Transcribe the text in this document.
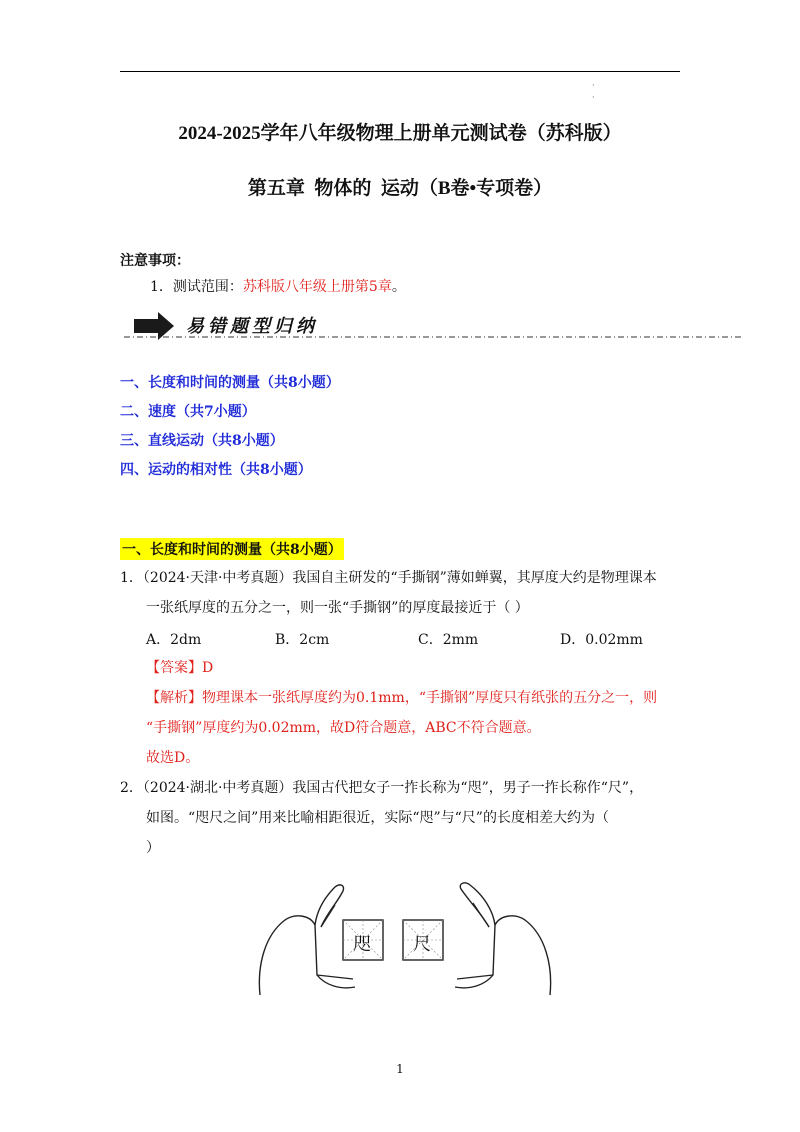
·
·
2024-2025学年八年级物理上册单元测试卷（苏科版）
第五章  物体的  运动（B卷•专项卷）
注意事项：
1．测试范围：苏科版八年级上册第5章。
易错题型归纳
一、长度和时间的测量（共8小题）
二、速度（共7小题）
三、直线运动（共8小题）
四、运动的相对性（共8小题）
一、长度和时间的测量（共8小题）
1．（2024·天津·中考真题）我国自主研发的“手撕钢”薄如蝉翼，其厚度大约是物理课本
一张纸厚度的五分之一，则一张“手撕钢”的厚度最接近于（ ）
A．2dm	B．2cm	C．2mm	D．0.02mm
【答案】D
【解析】物理课本一张纸厚度约为0.1mm，“手撕钢”厚度只有纸张的五分之一，则
“手撕钢”厚度约为0.02mm，故D符合题意，ABC不符合题意。
故选D。
2．（2024·湖北·中考真题）我国古代把女子一拃长称为“咫”，男子一拃长称作“尺”，
如图。“咫尺之间”用来比喻相距很近，实际“咫”与“尺”的长度相差大约为（
）
咫 尺
1
